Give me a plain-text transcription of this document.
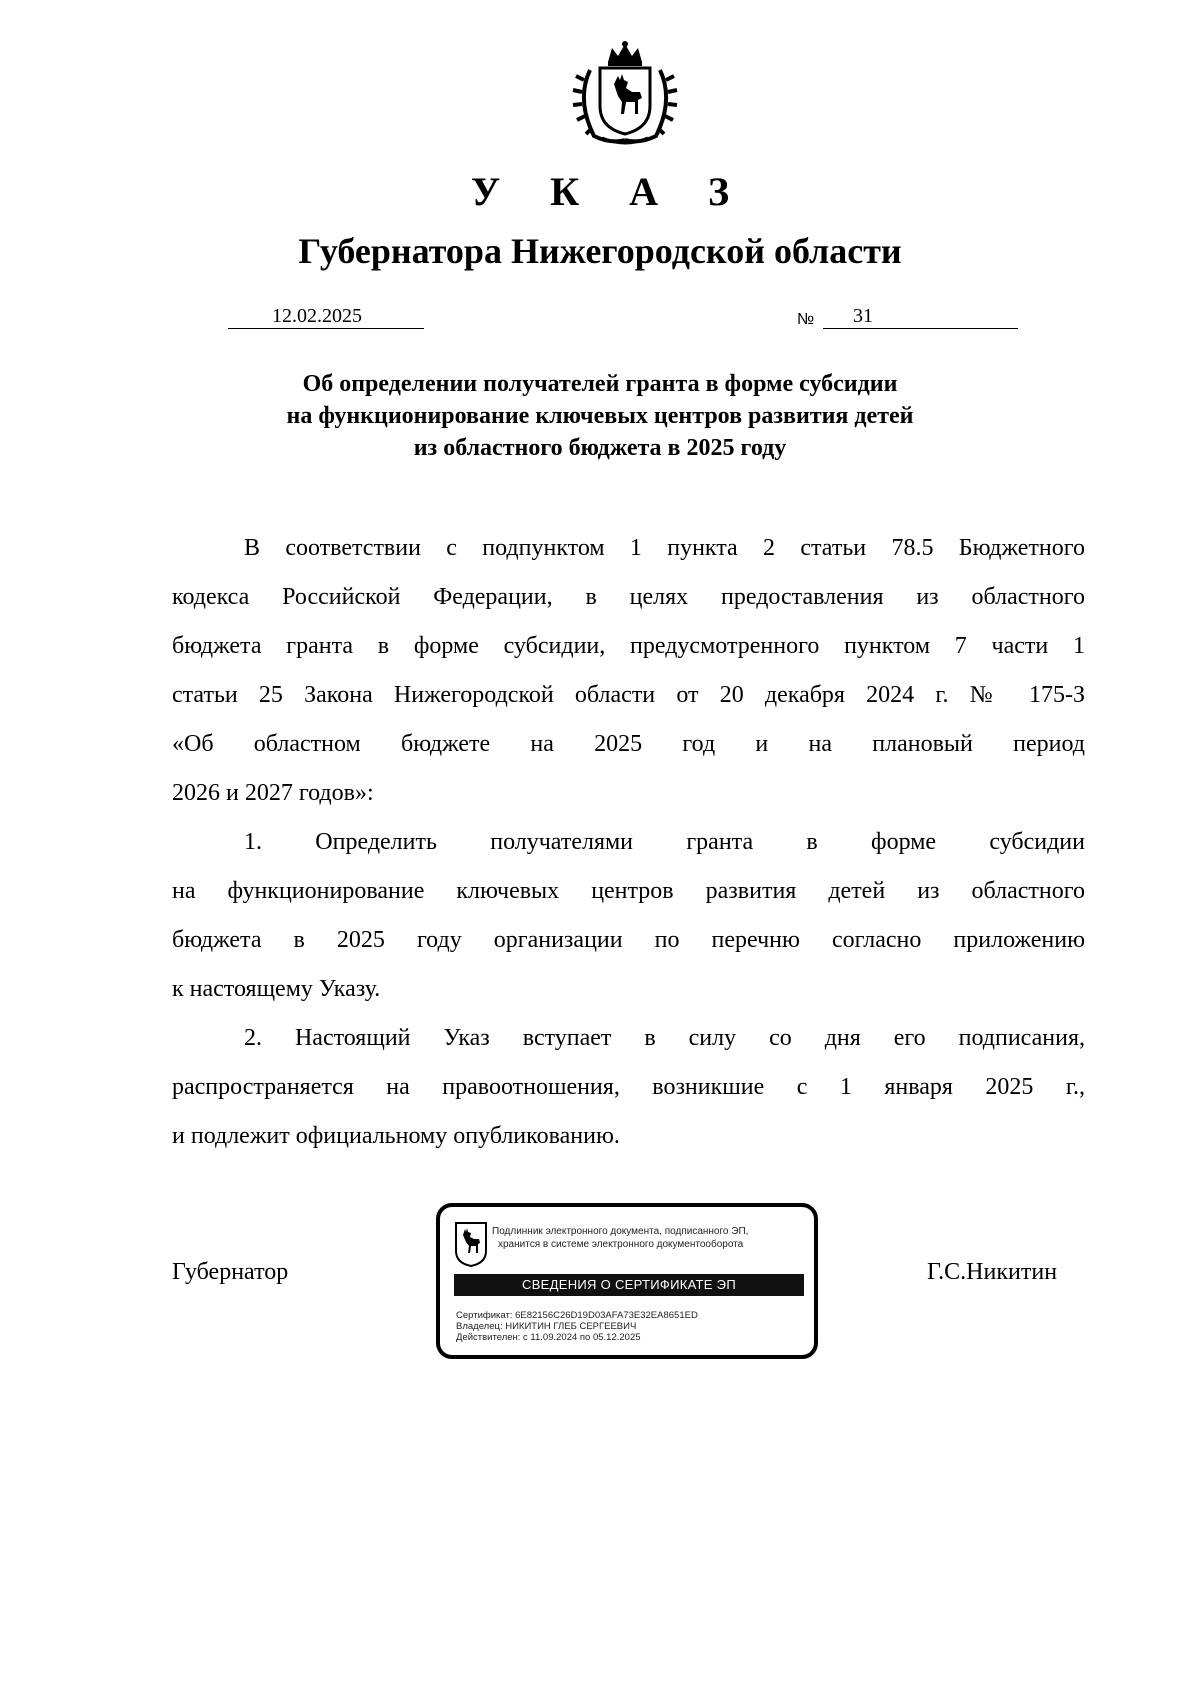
У К А З
Губернатора Нижегородской области
12.02.2025	№	31
Об определении получателей гранта в форме субсидии
на функционирование ключевых центров развития детей
из областного бюджета в 2025 году

В соответствии с подпунктом 1 пункта 2 статьи 78.5 Бюджетного
кодекса Российской Федерации, в целях предоставления из областного
бюджета гранта в форме субсидии, предусмотренного пунктом 7 части 1
статьи 25 Закона Нижегородской области от 20 декабря 2024 г. № 175-З
«Об областном бюджете на 2025 год и на плановый период
2026 и 2027 годов»:

1. Определить получателями гранта в форме субсидии
на функционирование ключевых центров развития детей из областного
бюджета в 2025 году организации по перечню согласно приложению
к настоящему Указу.

2. Настоящий Указ вступает в силу со дня его подписания,
распространяется на правоотношения, возникшие с 1 января 2025 г.,
и подлежит официальному опубликованию.

Губернатор	Г.С.Никитин
Подлинник электронного документа, подписанного ЭП,
хранится в системе электронного документооборота
СВЕДЕНИЯ О СЕРТИФИКАТЕ ЭП
Сертификат: 6E82156C26D19D03AFA73E32EA8651ED
Владелец: НИКИТИН ГЛЕБ СЕРГЕЕВИЧ
Действителен: с 11.09.2024 по 05.12.2025
